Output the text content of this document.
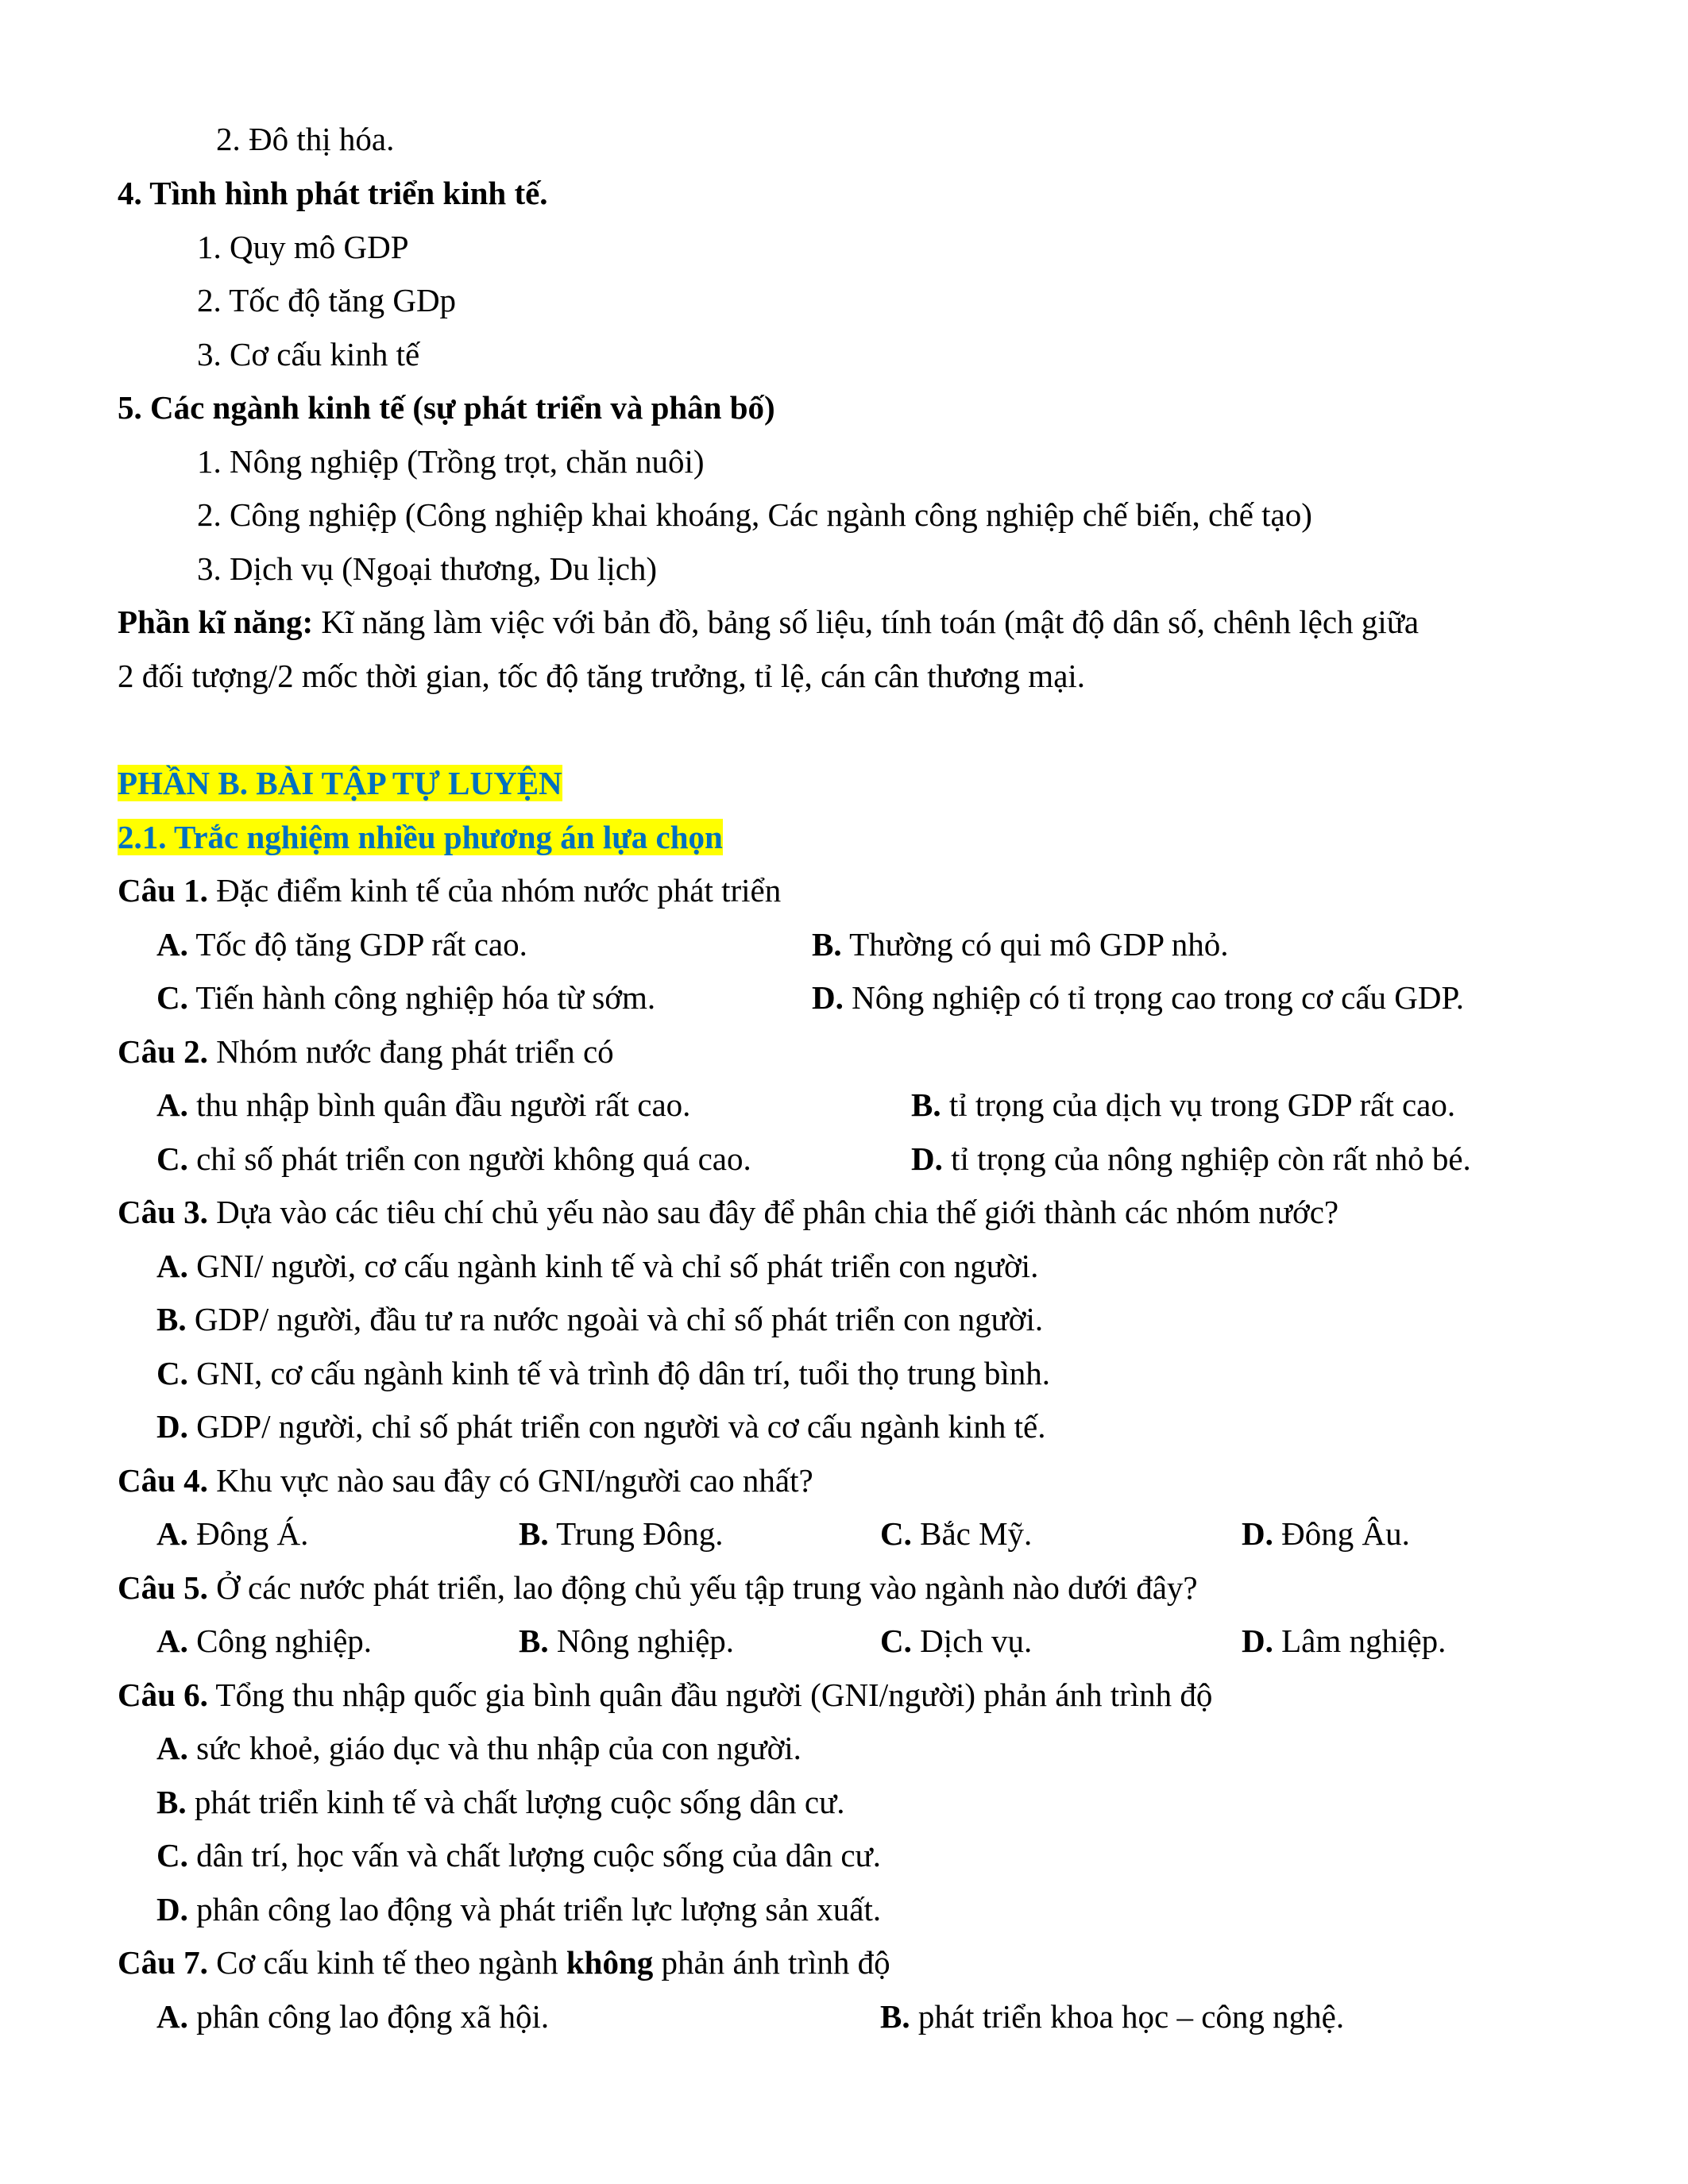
2. Đô thị hóa.
4. Tình hình phát triển kinh tế.
1. Quy mô GDP
2. Tốc độ tăng GDp
3. Cơ cấu kinh tế
5. Các ngành kinh tế (sự phát triển và phân bố)
1. Nông nghiệp (Trồng trọt, chăn nuôi)
2. Công nghiệp (Công nghiệp khai khoáng, Các ngành công nghiệp chế biến, chế tạo)
3. Dịch vụ (Ngoại thương, Du lịch)
Phần kĩ năng: Kĩ năng làm việc với bản đồ, bảng số liệu, tính toán (mật độ dân số, chênh lệch giữa
2 đối tượng/2 mốc thời gian, tốc độ tăng trưởng, tỉ lệ, cán cân thương mại.
PHẦN B. BÀI TẬP TỰ LUYỆN
2.1. Trắc nghiệm nhiều phương án lựa chọn
Câu 1. Đặc điểm kinh tế của nhóm nước phát triển
A. Tốc độ tăng GDP rất cao.	B. Thường có qui mô GDP nhỏ.
C. Tiến hành công nghiệp hóa từ sớm.	D. Nông nghiệp có tỉ trọng cao trong cơ cấu GDP.
Câu 2. Nhóm nước đang phát triển có
A. thu nhập bình quân đầu người rất cao.	B. tỉ trọng của dịch vụ trong GDP rất cao.
C. chỉ số phát triển con người không quá cao.	D. tỉ trọng của nông nghiệp còn rất nhỏ bé.
Câu 3. Dựa vào các tiêu chí chủ yếu nào sau đây để phân chia thế giới thành các nhóm nước?
A. GNI/ người, cơ cấu ngành kinh tế và chỉ số phát triển con người.
B. GDP/ người, đầu tư ra nước ngoài và chỉ số phát triển con người.
C. GNI, cơ cấu ngành kinh tế và trình độ dân trí, tuổi thọ trung bình.
D. GDP/ người, chỉ số phát triển con người và cơ cấu ngành kinh tế.
Câu 4. Khu vực nào sau đây có GNI/người cao nhất?
A. Đông Á.	B. Trung Đông.	C. Bắc Mỹ.	D. Đông Âu.
Câu 5. Ở các nước phát triển, lao động chủ yếu tập trung vào ngành nào dưới đây?
A. Công nghiệp.	B. Nông nghiệp.	C. Dịch vụ.	D. Lâm nghiệp.
Câu 6. Tổng thu nhập quốc gia bình quân đầu người (GNI/người) phản ánh trình độ
A. sức khoẻ, giáo dục và thu nhập của con người.
B. phát triển kinh tế và chất lượng cuộc sống dân cư.
C. dân trí, học vấn và chất lượng cuộc sống của dân cư.
D. phân công lao động và phát triển lực lượng sản xuất.
Câu 7. Cơ cấu kinh tế theo ngành không phản ánh trình độ
A. phân công lao động xã hội.	B. phát triển khoa học – công nghệ.
